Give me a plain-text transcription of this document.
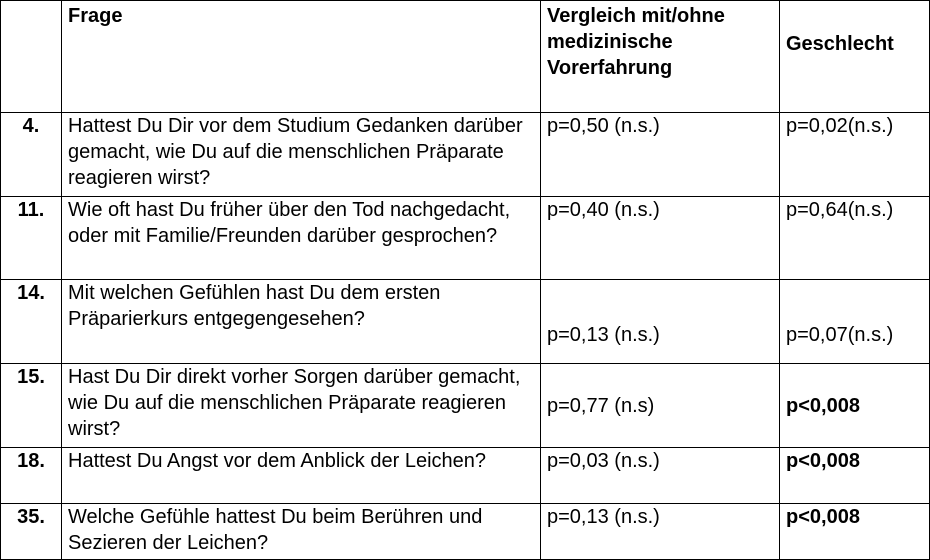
	Frage	Vergleich mit/ohne medizinische Vorerfahrung	Geschlecht
4.	Hattest Du Dir vor dem Studium Gedanken darüber gemacht, wie Du auf die menschlichen Präparate reagieren wirst?	p=0,50 (n.s.)	p=0,02(n.s.)
11.	Wie oft hast Du früher über den Tod nachgedacht, oder mit Familie/Freunden darüber gesprochen?	p=0,40 (n.s.)	p=0,64(n.s.)
14.	Mit welchen Gefühlen hast Du dem ersten Präparierkurs entgegengesehen?	p=0,13 (n.s.)	p=0,07(n.s.)
15.	Hast Du Dir direkt vorher Sorgen darüber gemacht, wie Du auf die menschlichen Präparate reagieren wirst?	p=0,77 (n.s)	p<0,008
18.	Hattest Du Angst vor dem Anblick der Leichen?	p=0,03 (n.s.)	p<0,008
35.	Welche Gefühle hattest Du beim Berühren und Sezieren der Leichen?	p=0,13 (n.s.)	p<0,008
